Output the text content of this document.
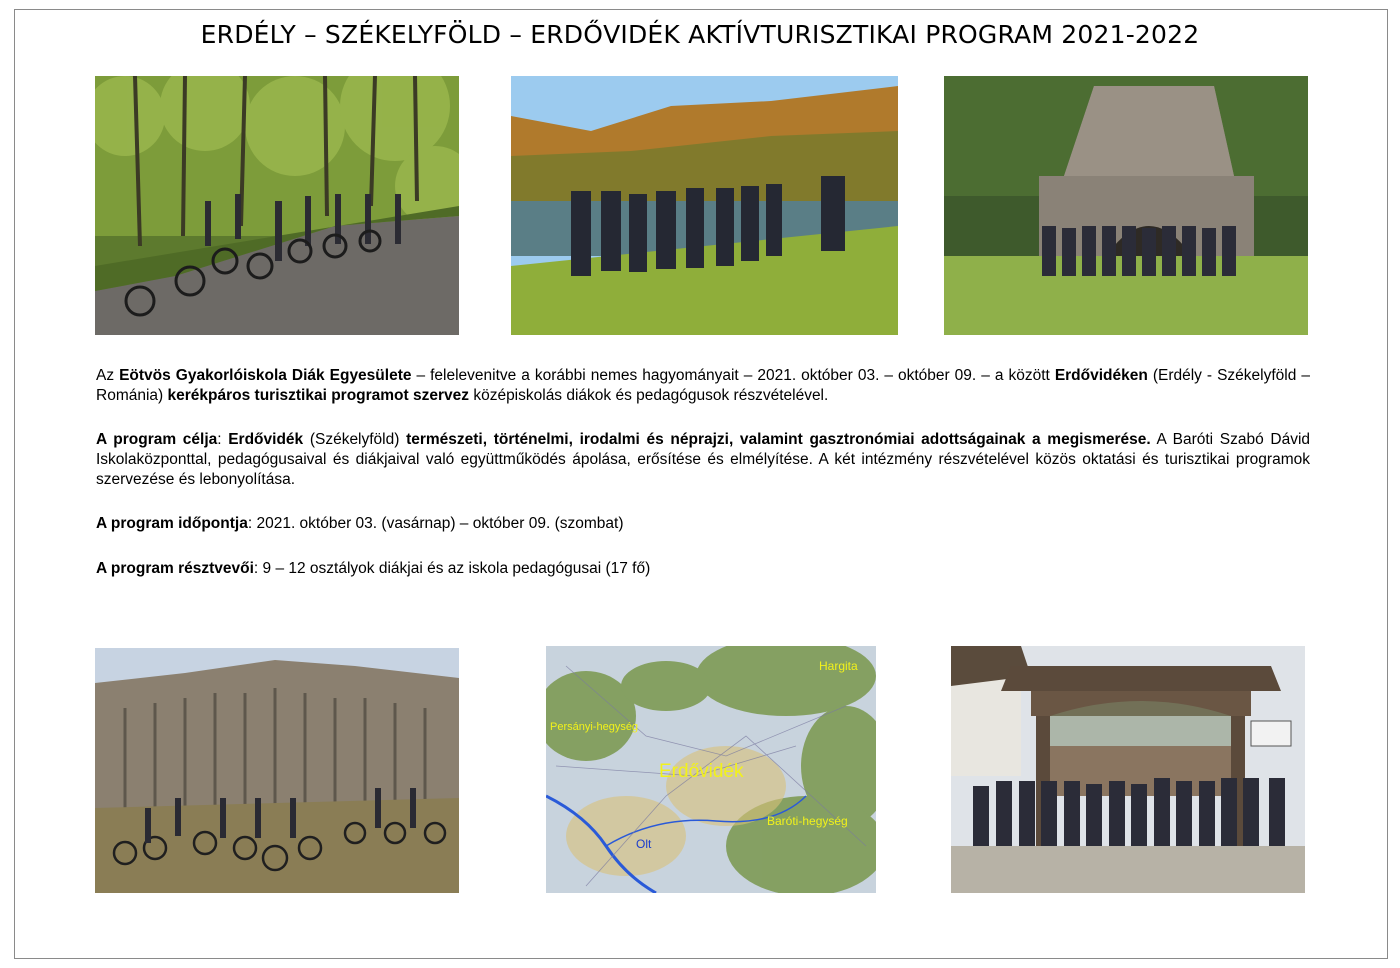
ERDÉLY – SZÉKELYFÖLD – ERDŐVIDÉK AKTÍVTURISZTIKAI PROGRAM 2021-2022
Az Eötvös Gyakorlóiskola Diák Egyesülete – felelevenitve a korábbi nemes hagyományait – 2021. október 03. – október 09. – a között Erdővidéken (Erdély - Székelyföld – Románia) kerékpáros turisztikai programot szervez középiskolás diákok és pedagógusok részvételével.
A program célja: Erdővidék (Székelyföld) természeti, történelmi, irodalmi és néprajzi, valamint gasztronómiai adottságainak a megismerése. A Baróti Szabó Dávid Iskolaközponttal, pedagógusaival és diákjaival való együttműködés ápolása, erősítése és elmélyítése. A két intézmény részvételével közös oktatási és turisztikai programok szervezése és lebonyolítása.
A program időpontja: 2021. október 03. (vasárnap) – október 09. (szombat)
A program résztvevői: 9 – 12 osztályok diákjai és az iskola pedagógusai (17 fő)
Hargita
Persányi-hegység
Erdővidék
Baróti-hegység
Olt
